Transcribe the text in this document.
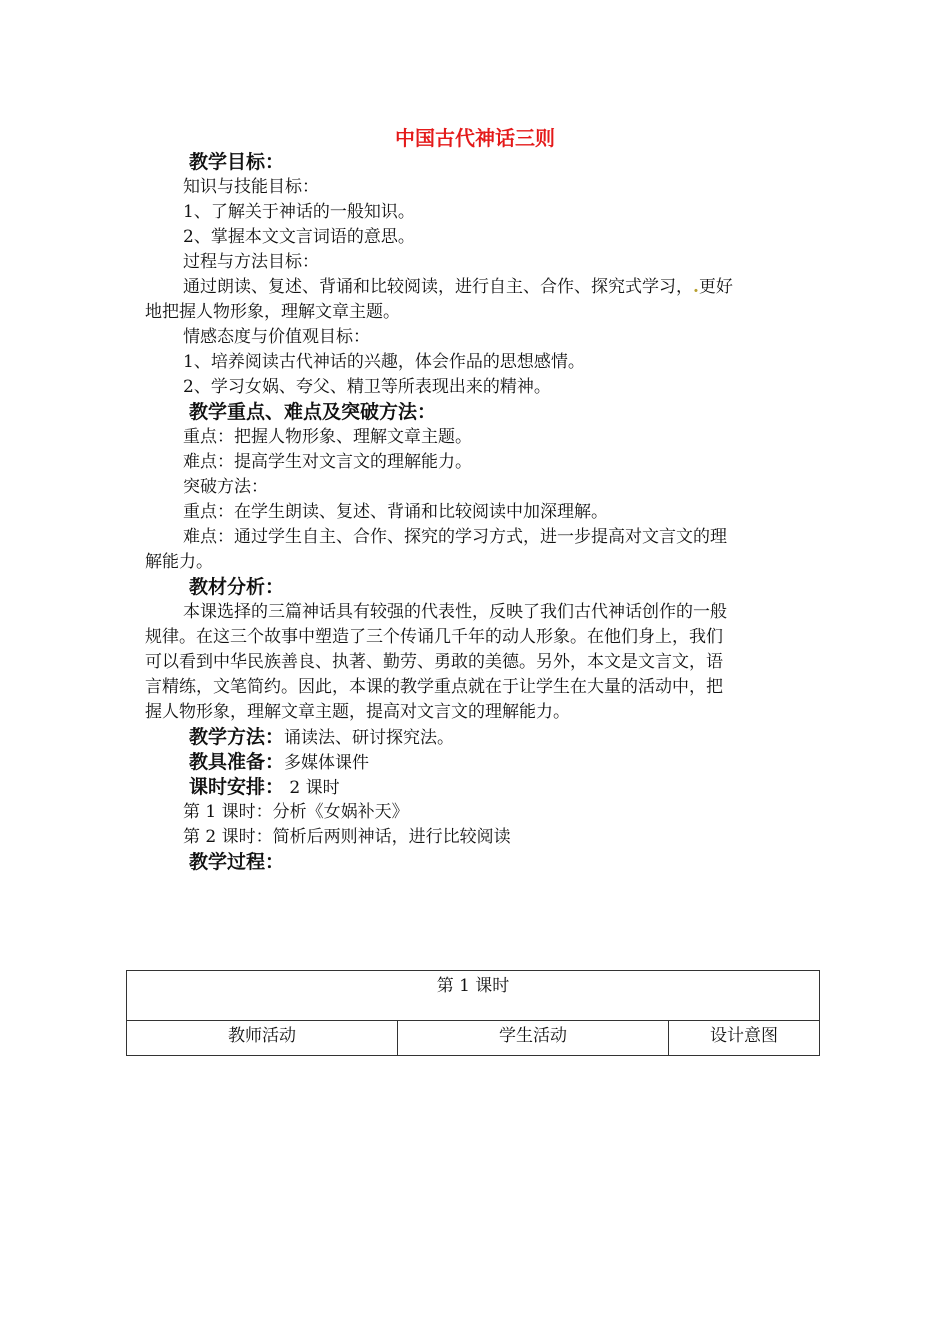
中国古代神话三则
教学目标：
知识与技能目标：
1、了解关于神话的一般知识。
2、掌握本文文言词语的意思。
过程与方法目标：
通过朗读、复述、背诵和比较阅读，进行自主、合作、探究式学习，.更好
地把握人物形象，理解文章主题。
情感态度与价值观目标：
1、培养阅读古代神话的兴趣，体会作品的思想感情。
2、学习女娲、夸父、精卫等所表现出来的精神。
教学重点、难点及突破方法：
重点：把握人物形象、理解文章主题。
难点：提高学生对文言文的理解能力。
突破方法：
重点：在学生朗读、复述、背诵和比较阅读中加深理解。
难点：通过学生自主、合作、探究的学习方式，进一步提高对文言文的理
解能力。
教材分析：
本课选择的三篇神话具有较强的代表性，反映了我们古代神话创作的一般
规律。在这三个故事中塑造了三个传诵几千年的动人形象。在他们身上，我们
可以看到中华民族善良、执著、勤劳、勇敢的美德。另外，本文是文言文，语
言精练，文笔简约。因此，本课的教学重点就在于让学生在大量的活动中，把
握人物形象，理解文章主题，提高对文言文的理解能力。
教学方法：诵读法、研讨探究法。
教具准备：多媒体课件
课时安排： 2 课时
第 1 课时：分析《女娲补天》
第 2 课时：简析后两则神话，进行比较阅读
教学过程：
第 1 课时
教师活动	学生活动	设计意图
